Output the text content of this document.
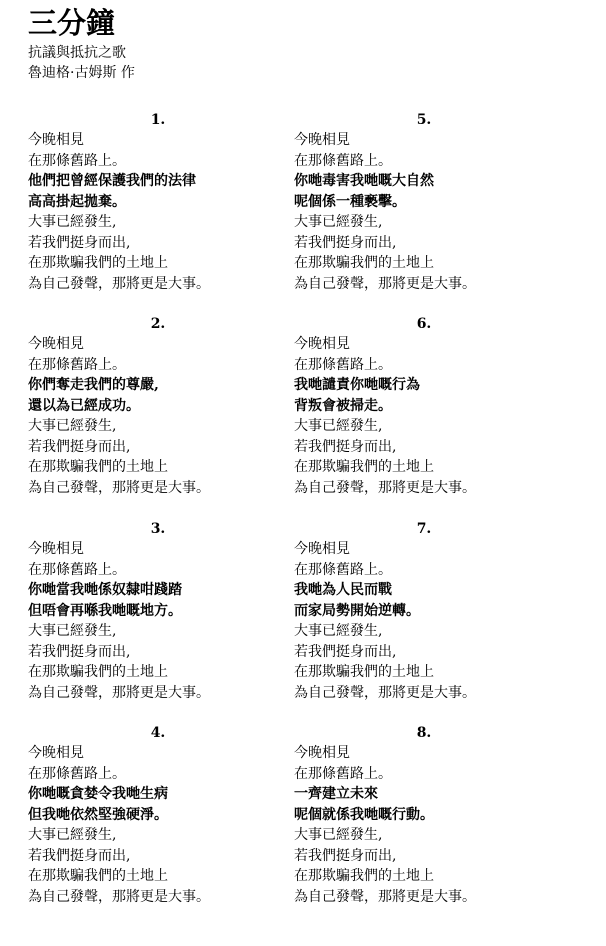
三分鐘
抗議與抵抗之歌
魯迪格·古姆斯 作
1.
今晚相見
在那條舊路上。
他們把曾經保護我們的法律
高高掛起拋棄。
大事已經發生,
若我們挺身而出,
在那欺騙我們的土地上
為自己發聲，那將更是大事。
2.
今晚相見
在那條舊路上。
你們奪走我們的尊嚴,
還以為已經成功。
大事已經發生,
若我們挺身而出,
在那欺騙我們的土地上
為自己發聲，那將更是大事。
3.
今晚相見
在那條舊路上。
你哋當我哋係奴隸咁踐踏
但唔會再喺我哋嘅地方。
大事已經發生,
若我們挺身而出,
在那欺騙我們的土地上
為自己發聲，那將更是大事。
4.
今晚相見
在那條舊路上。
你哋嘅貪婪令我哋生病
但我哋依然堅強硬淨。
大事已經發生,
若我們挺身而出,
在那欺騙我們的土地上
為自己發聲，那將更是大事。
5.
今晚相見
在那條舊路上。
你哋毒害我哋嘅大自然
呢個係一種褻擊。
大事已經發生,
若我們挺身而出,
在那欺騙我們的土地上
為自己發聲，那將更是大事。
6.
今晚相見
在那條舊路上。
我哋譴責你哋嘅行為
背叛會被掃走。
大事已經發生,
若我們挺身而出,
在那欺騙我們的土地上
為自己發聲，那將更是大事。
7.
今晚相見
在那條舊路上。
我哋為人民而戰
而家局勢開始逆轉。
大事已經發生,
若我們挺身而出,
在那欺騙我們的土地上
為自己發聲，那將更是大事。
8.
今晚相見
在那條舊路上。
一齊建立未來
呢個就係我哋嘅行動。
大事已經發生,
若我們挺身而出,
在那欺騙我們的土地上
為自己發聲，那將更是大事。
